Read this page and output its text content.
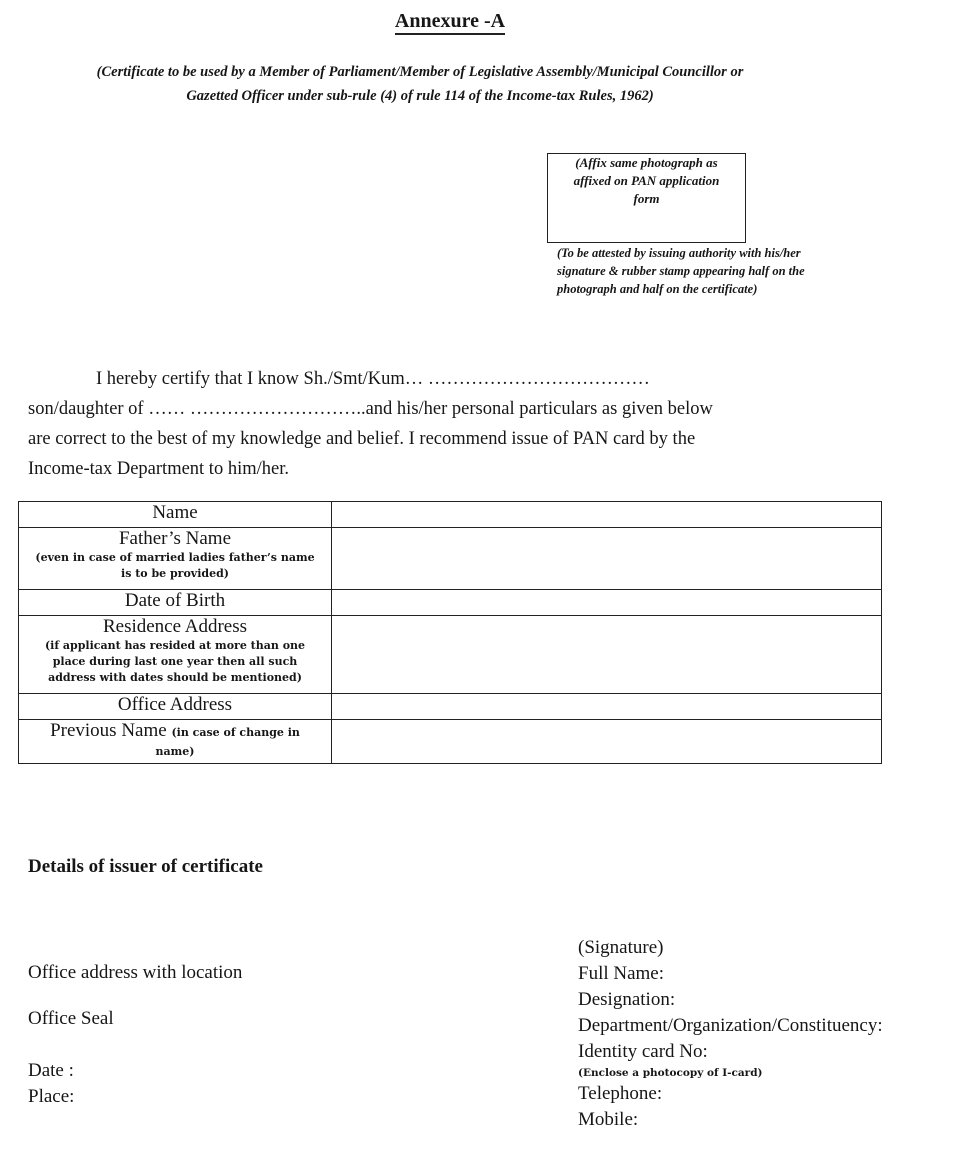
Annexure -A
(Certificate to be used by a Member of Parliament/Member of Legislative Assembly/Municipal Councillor or
Gazetted Officer under sub-rule (4) of rule 114 of the Income-tax Rules, 1962)
(Affix same photograph as
affixed on PAN application
form
(To be attested by issuing authority with his/her
signature & rubber stamp appearing half on the
photograph and half on the certificate)

I hereby certify that I know Sh./Smt/Kum… ………………………………

son/daughter of …… ………………………..and his/her personal particulars as given below

are correct to the best of my knowledge and belief. I recommend issue of PAN card by the

Income-tax Department to him/her.

Name	
Father’s Name
(even in case of married ladies father’s name
is to be provided)	

Date of Birth	
Residence Address
(if applicant has resided at more than one
place during last one year then all such
address with dates should be mentioned)	

Office Address	
Previous Name (in case of change in
name)	

Details of issuer of certificate
Office address with location
Office Seal
Date :
Place:
(Signature)
Full Name:
Designation:
Department/Organization/Constituency:
Identity card No:
(Enclose a photocopy of I-card)
Telephone:
Mobile:
